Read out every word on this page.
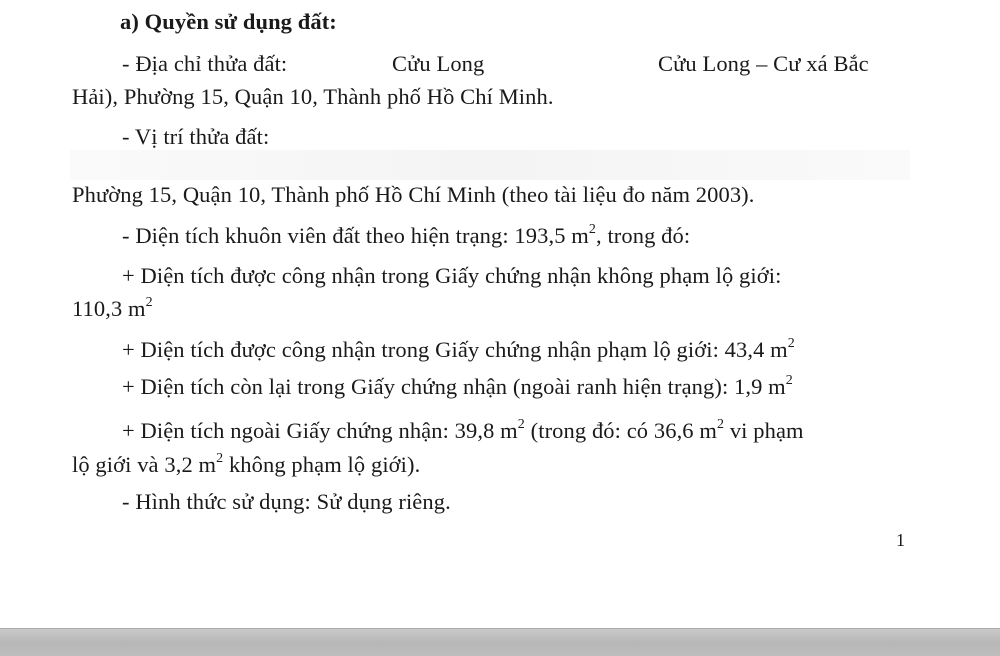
a) Quyền sử dụng đất:
- Địa chỉ thửa đất:	Cửu Long	Cửu Long – Cư xá Bắc
Hải), Phường 15, Quận 10, Thành phố Hồ Chí Minh.
- Vị trí thửa đất:
Phường 15, Quận 10, Thành phố Hồ Chí Minh (theo tài liệu đo năm 2003).
- Diện tích khuôn viên đất theo hiện trạng: 193,5 $m^2$, trong đó:
+ Diện tích được công nhận trong Giấy chứng nhận không phạm lộ giới:
110,3 $m^2$
+ Diện tích được công nhận trong Giấy chứng nhận phạm lộ giới: 43,4 $m^2$
+ Diện tích còn lại trong Giấy chứng nhận (ngoài ranh hiện trạng): 1,9 $m^2$
+ Diện tích ngoài Giấy chứng nhận: 39,8 $m^2$ (trong đó: có 36,6 $m^2$ vi phạm
lộ giới và 3,2 $m^2$ không phạm lộ giới).
- Hình thức sử dụng: Sử dụng riêng.
1
